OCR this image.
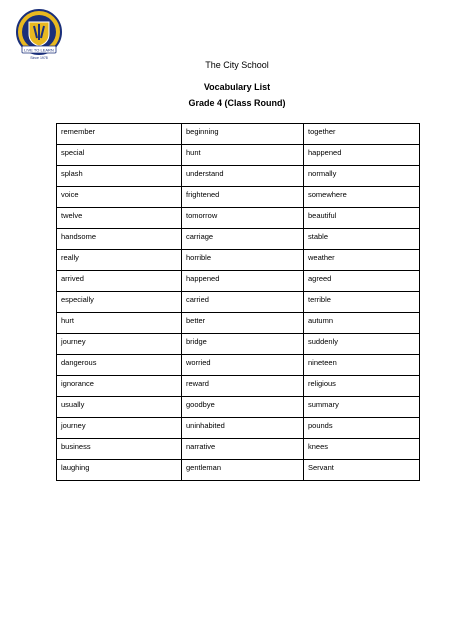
LIVE TO LEARN
Since 1978
The City School
Vocabulary List
Grade 4 (Class Round)
remember	beginning	together
special	hunt	happened
splash	understand	normally
voice	frightened	somewhere
twelve	tomorrow	beautiful
handsome	carriage	stable
really	horrible	weather
arrived	happened	agreed
especially	carried	terrible
hurt	better	autumn
journey	bridge	suddenly
dangerous	worried	nineteen
ignorance	reward	religious
usually	goodbye	summary
journey	uninhabited	pounds
business	narrative	knees
laughing	gentleman	Servant
